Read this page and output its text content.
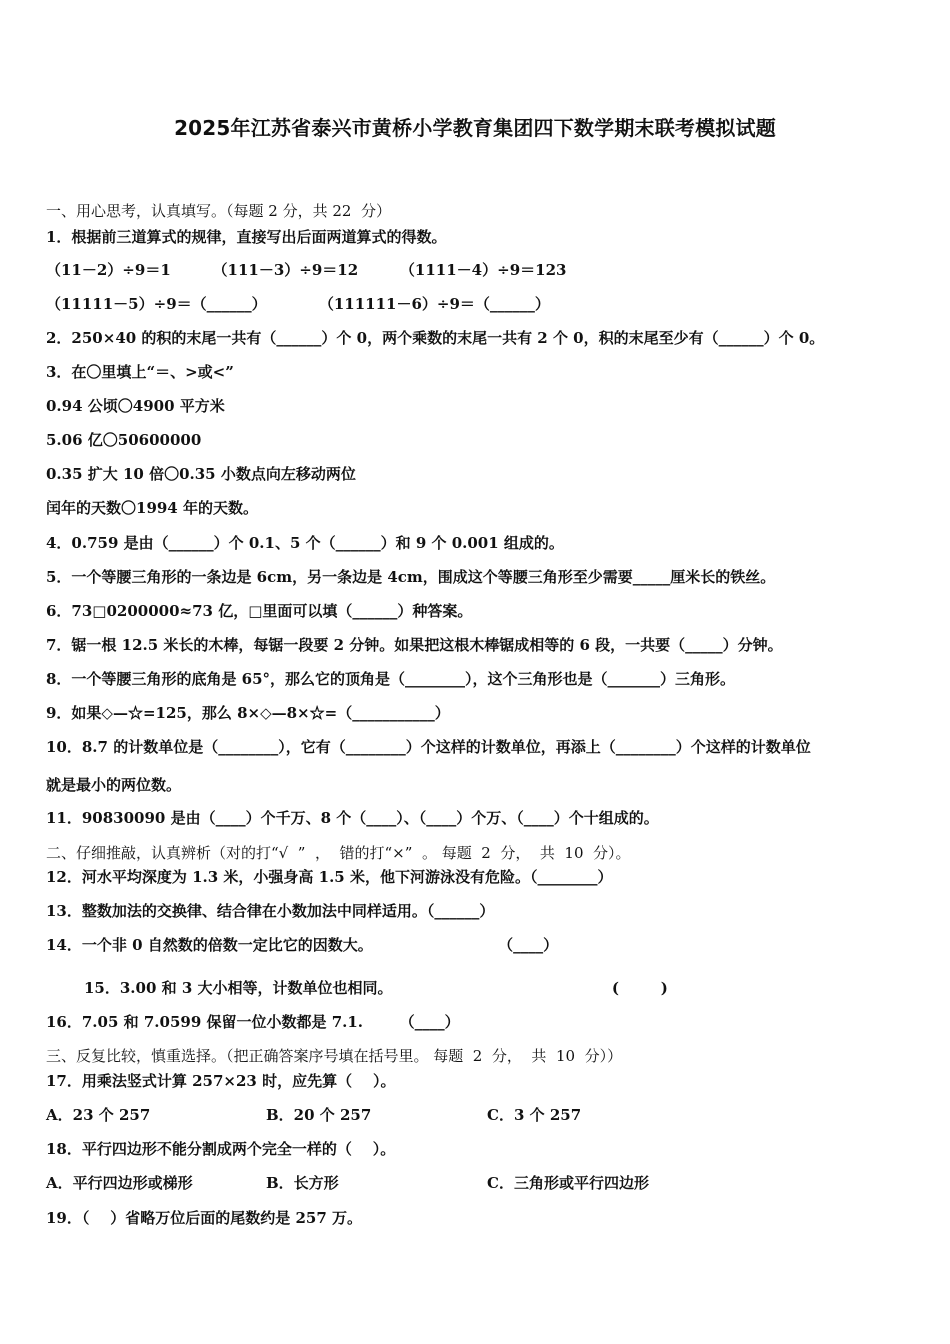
2025年江苏省泰兴市黄桥小学教育集团四下数学期末联考模拟试题
一、用心思考，认真填写。（每题 2 分，共 22  分）
1．根据前三道算式的规律，直接写出后面两道算式的得数。
（11－2）÷9＝1        （111－3）÷9＝12        （1111－4）÷9＝123
（11111－5）÷9＝（______）          （111111－6）÷9＝（______）
2．250×40 的积的末尾一共有（______）个 0，两个乘数的末尾一共有 2 个 0，积的末尾至少有（______）个 0。
3．在〇里填上“＝、>或<”
0.94 公顷〇4900 平方米
5.06 亿〇50600000
0.35 扩大 10 倍〇0.35 小数点向左移动两位
闰年的天数〇1994 年的天数。
4．0.759 是由（______）个 0.1、5 个（______）和 9 个 0.001 组成的。
5．一个等腰三角形的一条边是 6cm，另一条边是 4cm，围成这个等腰三角形至少需要_____厘米长的铁丝。
6．73□0200000≈73 亿，□里面可以填（______）种答案。
7．锯一根 12.5 米长的木棒，每锯一段要 2 分钟。如果把这根木棒锯成相等的 6 段，一共要（_____）分钟。
8．一个等腰三角形的底角是 65°，那么它的顶角是（________），这个三角形也是（_______）三角形。
9．如果◇—☆=125，那么 8×◇—8×☆=（___________）
10．8.7 的计数单位是（________），它有（________）个这样的计数单位，再添上（________）个这样的计数单位
就是最小的两位数。
11．90830090 是由（____）个千万、8 个（____）、（____）个万、（____）个十组成的。
二、仔细推敲，认真辨析（对的打“√  ”  ，  错的打“×”  。 每题  2  分，  共  10  分）。
12．河水平均深度为 1.3 米，小强身高 1.5 米，他下河游泳没有危险。（________）
13．整数加法的交换律、结合律在小数加法中同样适用。（______）
14．一个非 0 自然数的倍数一定比它的因数大。                        （____）
15．3.00 和 3 大小相等，计数单位也相同。                                          (        )
16．7.05 和 7.0599 保留一位小数都是 7.1.       （____）
三、反复比较，慎重选择。（把正确答案序号填在括号里。 每题  2  分，  共  10  分））
17．用乘法竖式计算 257×23 时，应先算（    ）。
A．23 个 257	B．20 个 257	C．3 个 257
18．平行四边形不能分割成两个完全一样的（    ）。
A．平行四边形或梯形	B．长方形	C．三角形或平行四边形
19．（    ）省略万位后面的尾数约是 257 万。
